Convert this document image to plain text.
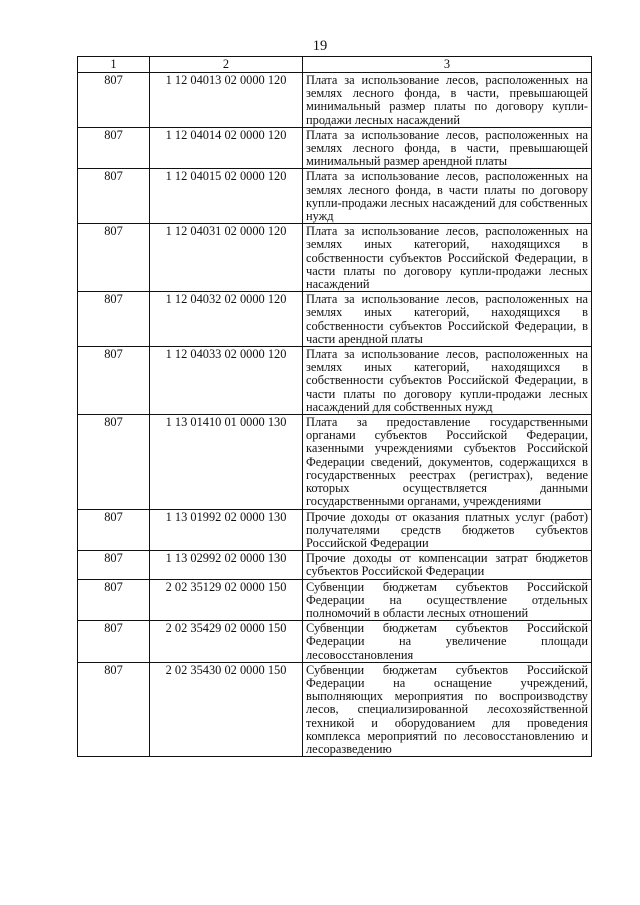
19
1	2	3
807	1 12 04013 02 0000 120	Плата за использование лесов, расположенных на землях лесного фонда, в части, превышающей минимальный размер платы по договору купли-продажи лесных насаждений
807	1 12 04014 02 0000 120	Плата за использование лесов, расположенных на землях лесного фонда, в части, превышающей минимальный размер арендной платы
807	1 12 04015 02 0000 120	Плата за использование лесов, расположенных на землях лесного фонда, в части платы по договору купли-продажи лесных насаждений для собственных нужд
807	1 12 04031 02 0000 120	Плата за использование лесов, расположенных на землях иных категорий, находящихся в собственности субъектов Российской Федерации, в части платы по договору купли-продажи лесных насаждений
807	1 12 04032 02 0000 120	Плата за использование лесов, расположенных на землях иных категорий, находящихся в собственности субъектов Российской Федерации, в части арендной платы
807	1 12 04033 02 0000 120	Плата за использование лесов, расположенных на землях иных категорий, находящихся в собственности субъектов Российской Федерации, в части платы по договору купли-продажи лесных насаждений для собственных нужд
807	1 13 01410 01 0000 130	Плата за предоставление государственными органами субъектов Российской Федерации, казенными учреждениями субъектов Российской Федерации сведений, документов, содержащихся в государственных реестрах (регистрах), ведение которых осуществляется данными государственными органами, учреждениями
807	1 13 01992 02 0000 130	Прочие доходы от оказания платных услуг (работ) получателями средств бюджетов субъектов Российской Федерации
807	1 13 02992 02 0000 130	Прочие доходы от компенсации затрат бюджетов субъектов Российской Федерации
807	2 02 35129 02 0000 150	Субвенции бюджетам субъектов Российской Федерации на осуществление отдельных полномочий в области лесных отношений
807	2 02 35429 02 0000 150	Субвенции бюджетам субъектов Российской Федерации на увеличение площади лесовосстановления
807	2 02 35430 02 0000 150	Субвенции бюджетам субъектов Российской Федерации на оснащение учреждений, выполняющих мероприятия по воспроизводству лесов, специализированной лесохозяйственной техникой и оборудованием для проведения комплекса мероприятий по лесовосстановлению и лесоразведению
